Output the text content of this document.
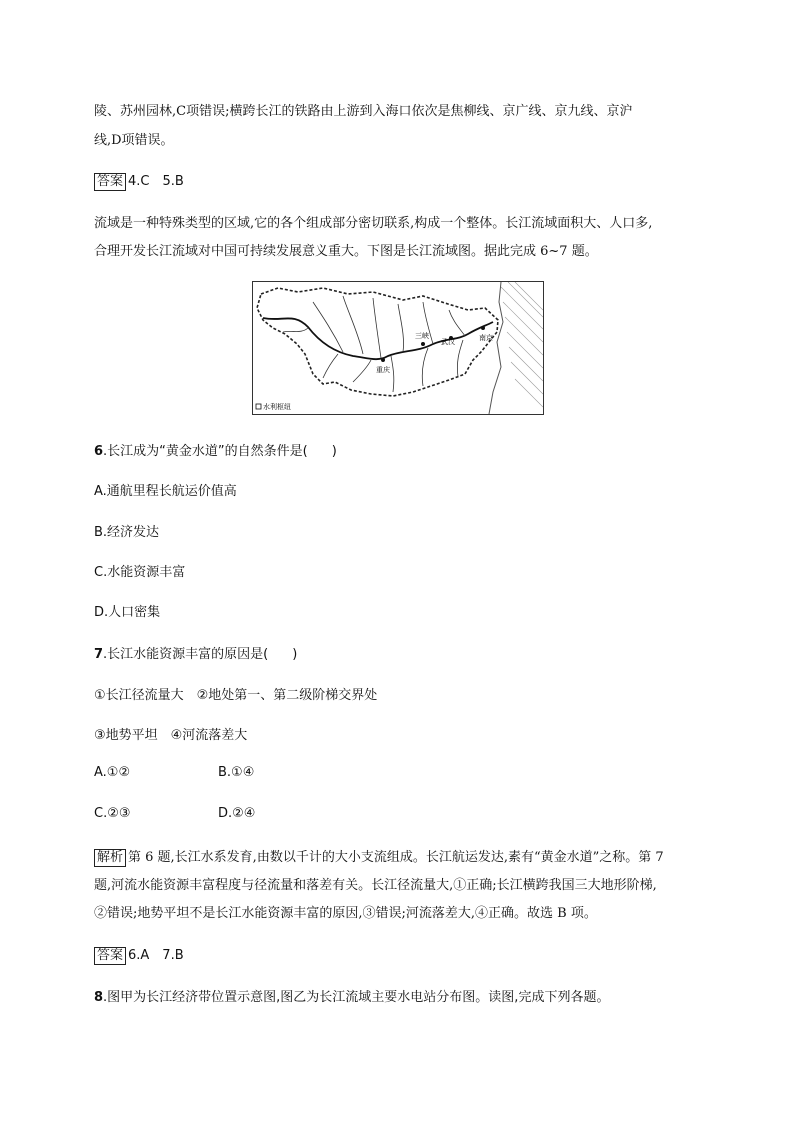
陵、苏州园林,C项错误;横跨长江的铁路由上游到入海口依次是焦柳线、京广线、京九线、京沪
线,D项错误。
答案 4.C　5.B
流域是一种特殊类型的区域,它的各个组成部分密切联系,构成一个整体。长江流域面积大、人口多,
合理开发长江流域对中国可持续发展意义重大。下图是长江流域图。据此完成 6~7 题。
重庆
三峡
武汉	南京
水利枢纽
6.长江成为“黄金水道”的自然条件是( )
A.通航里程长航运价值高
B.经济发达
C.水能资源丰富
D.人口密集
7.长江水能资源丰富的原因是( )
①长江径流量大　②地处第一、第二级阶梯交界处
③地势平坦　④河流落差大
A.①②	B.①④
C.②③	D.②④
解析 第 6 题,长江水系发育,由数以千计的大小支流组成。长江航运发达,素有“黄金水道”之称。第 7
题,河流水能资源丰富程度与径流量和落差有关。长江径流量大,①正确;长江横跨我国三大地形阶梯,
②错误;地势平坦不是长江水能资源丰富的原因,③错误;河流落差大,④正确。故选 B 项。
答案 6.A　7.B
8.图甲为长江经济带位置示意图,图乙为长江流域主要水电站分布图。读图,完成下列各题。
